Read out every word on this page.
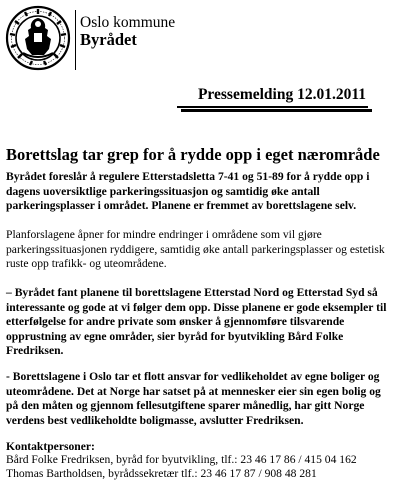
Oslo kommune
Byrådet
Pressemelding 12.01.2011
Borettslag tar grep for å rydde opp i eget nærområde
Byrådet foreslår å regulere Etterstadsletta 7-41 og 51-89 for å rydde opp i
dagens uoversiktlige parkeringssituasjon og samtidig øke antall
parkeringsplasser i området. Planene er fremmet av borettslagene selv.
Planforslagene åpner for mindre endringer i områdene som vil gjøre
parkeringssituasjonen ryddigere, samtidig øke antall parkeringsplasser og estetisk
ruste opp trafikk- og uteområdene.
– Byrådet fant planene til borettslagene Etterstad Nord og Etterstad Syd så
interessante og gode at vi følger dem opp. Disse planene er gode eksempler til
etterfølgelse for andre private som ønsker å gjennomføre tilsvarende
opprustning av egne områder, sier byråd for byutvikling Bård Folke
Fredriksen.
- Borettslagene i Oslo tar et flott ansvar for vedlikeholdet av egne boliger og
uteområdene. Det at Norge har satset på at mennesker eier sin egen bolig og
på den måten og gjennom fellesutgiftene sparer månedlig, har gitt Norge
verdens best vedlikeholdte boligmasse, avslutter Fredriksen.
Kontaktpersoner:
Bård Folke Fredriksen, byråd for byutvikling, tlf.: 23 46 17 86 / 415 04 162
Thomas Bartholdsen, byrådssekretær tlf.: 23 46 17 87 / 908 48 281
